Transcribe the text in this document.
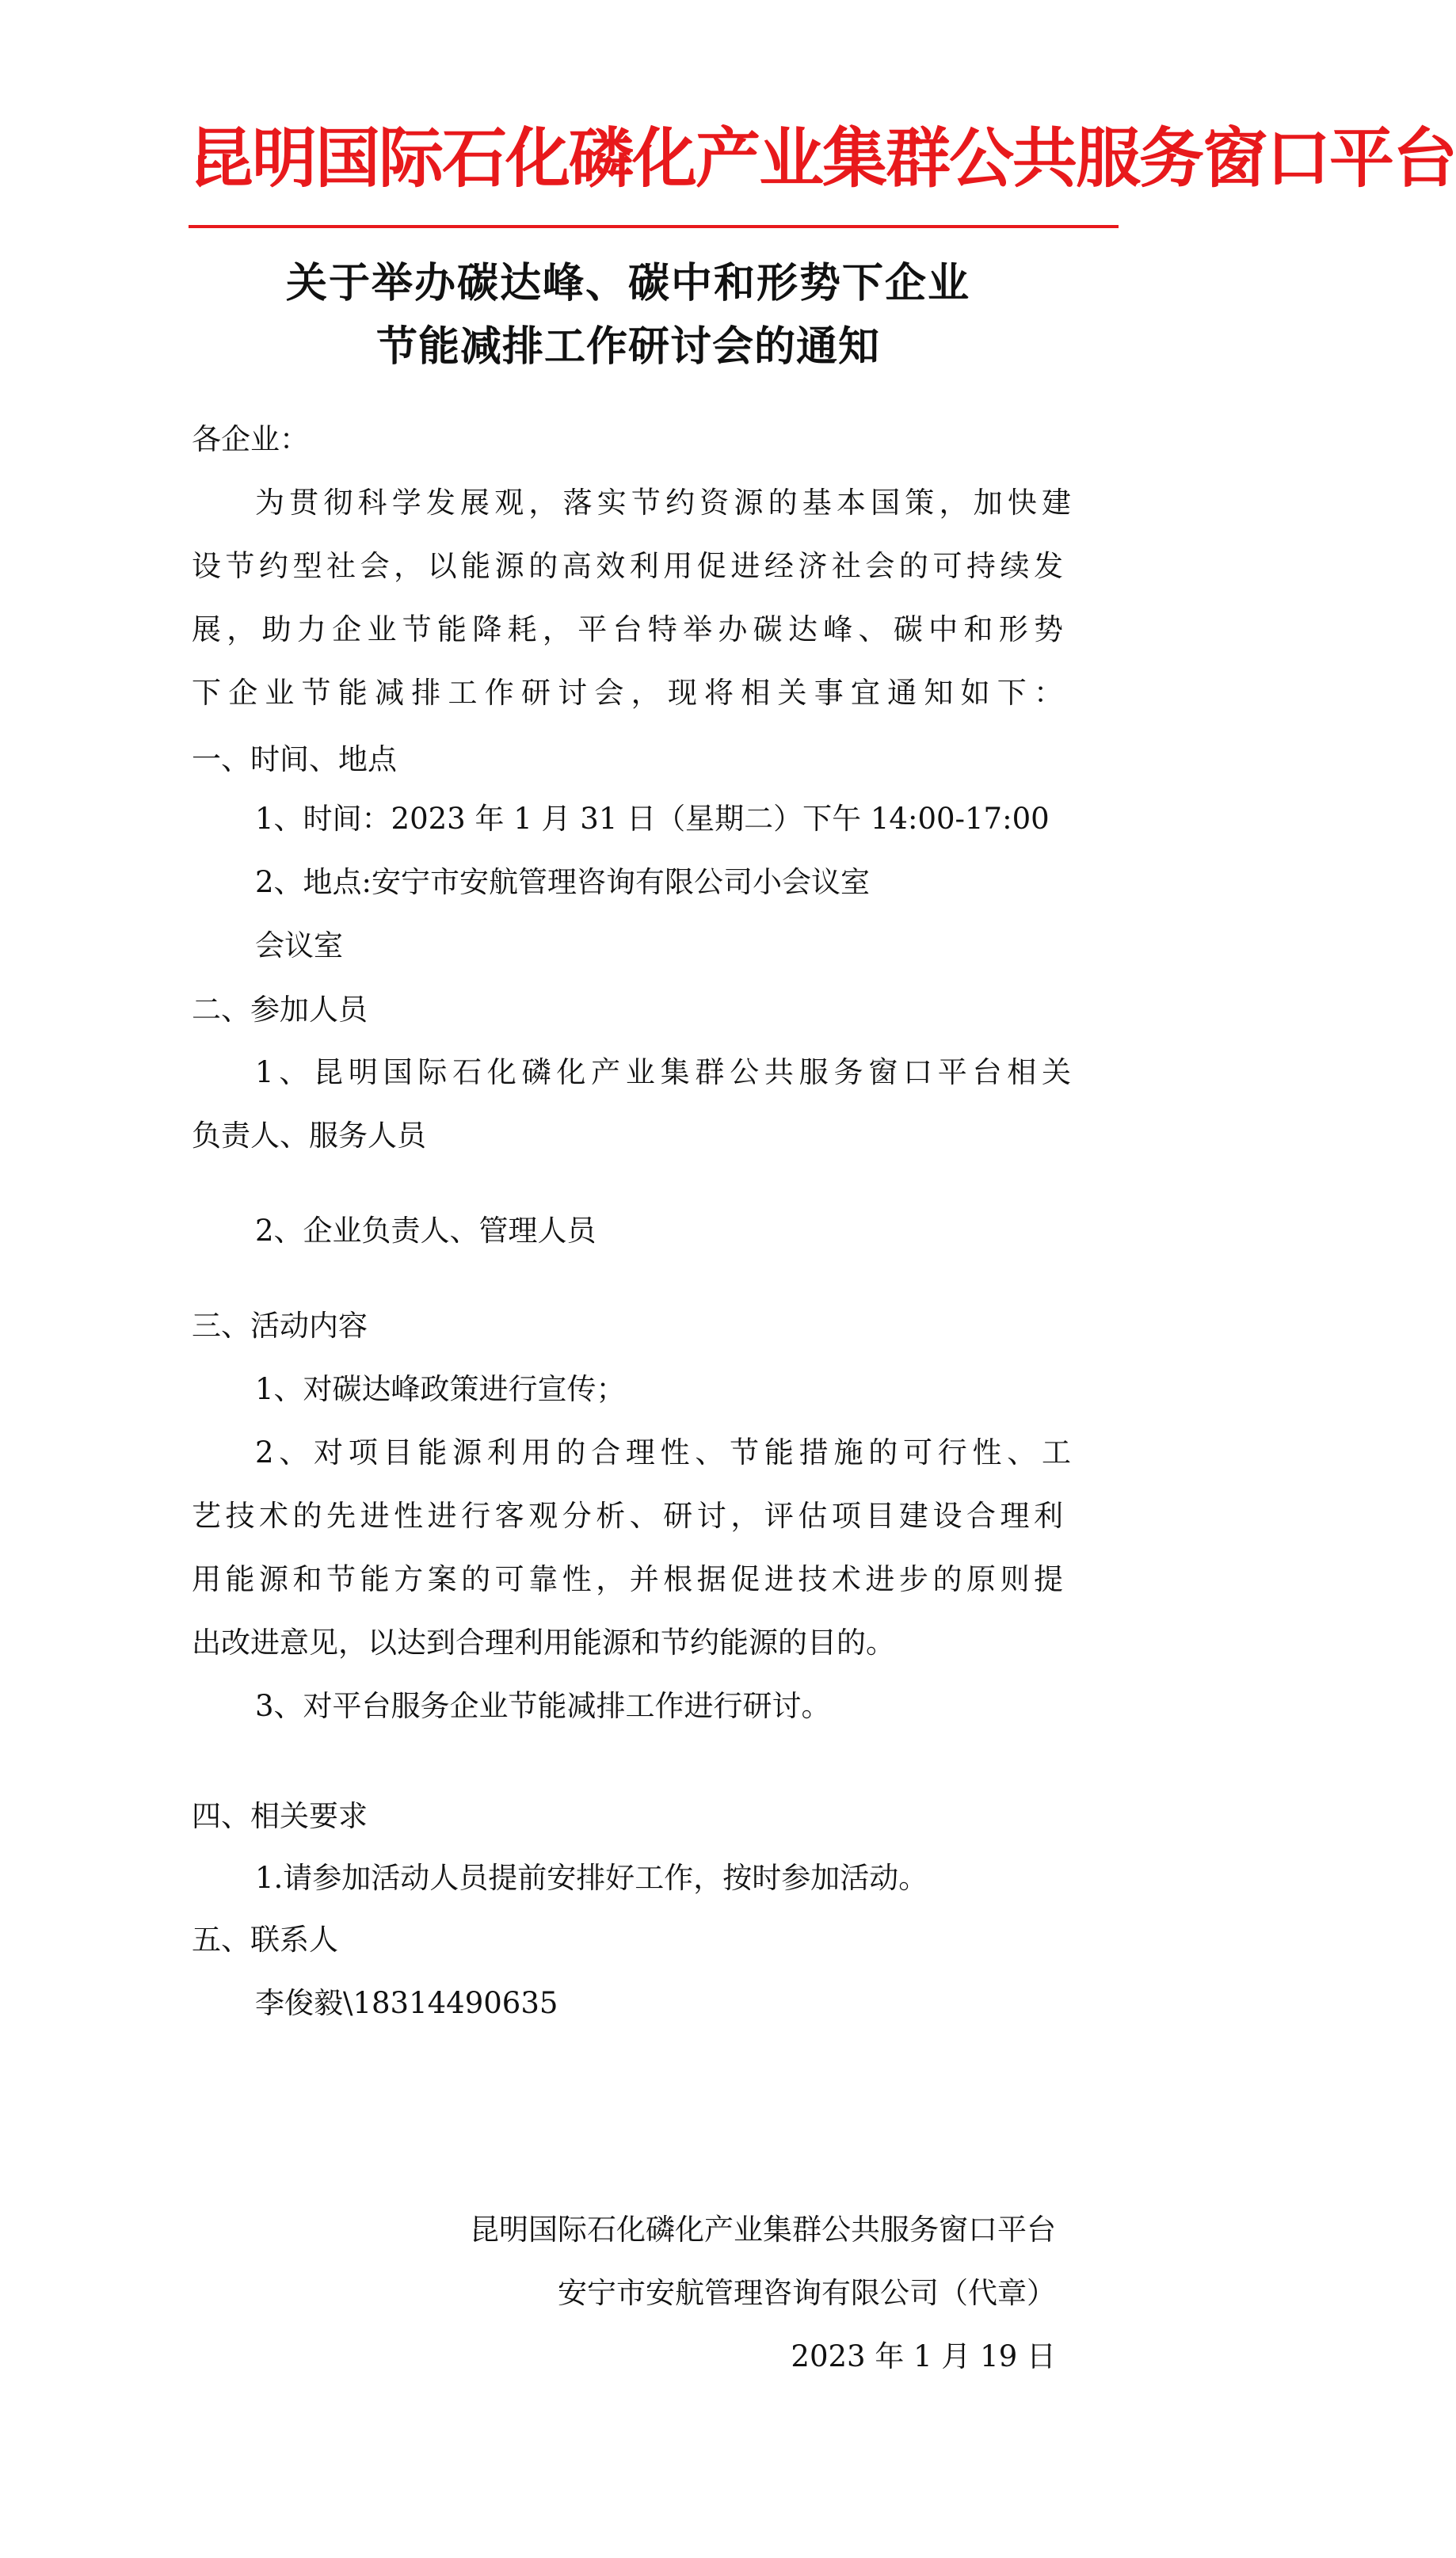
昆明国际石化磷化产业集群公共服务窗口平台
关于举办碳达峰、碳中和形势下企业
节能减排工作研讨会的通知
各企业：
为贯彻科学发展观，落实节约资源的基本国策，加快建
设节约型社会，以能源的高效利用促进经济社会的可持续发
展，助力企业节能降耗，平台特举办碳达峰、碳中和形势
下企业节能减排工作研讨会，现将相关事宜通知如下：
一、时间、地点
1、时间：2023 年 1 月 31 日（星期二）下午 14:00-17:00
2、地点:安宁市安航管理咨询有限公司小会议室
会议室
二、参加人员
1、昆明国际石化磷化产业集群公共服务窗口平台相关
负责人、服务人员
2、企业负责人、管理人员
三、活动内容
1、对碳达峰政策进行宣传；
2、对项目能源利用的合理性、节能措施的可行性、工
艺技术的先进性进行客观分析、研讨，评估项目建设合理利
用能源和节能方案的可靠性，并根据促进技术进步的原则提
出改进意见，以达到合理利用能源和节约能源的目的。
3、对平台服务企业节能减排工作进行研讨。
四、相关要求
1.请参加活动人员提前安排好工作，按时参加活动。
五、联系人
李俊毅\18314490635
昆明国际石化磷化产业集群公共服务窗口平台
安宁市安航管理咨询有限公司（代章）
2023 年 1 月 19 日
